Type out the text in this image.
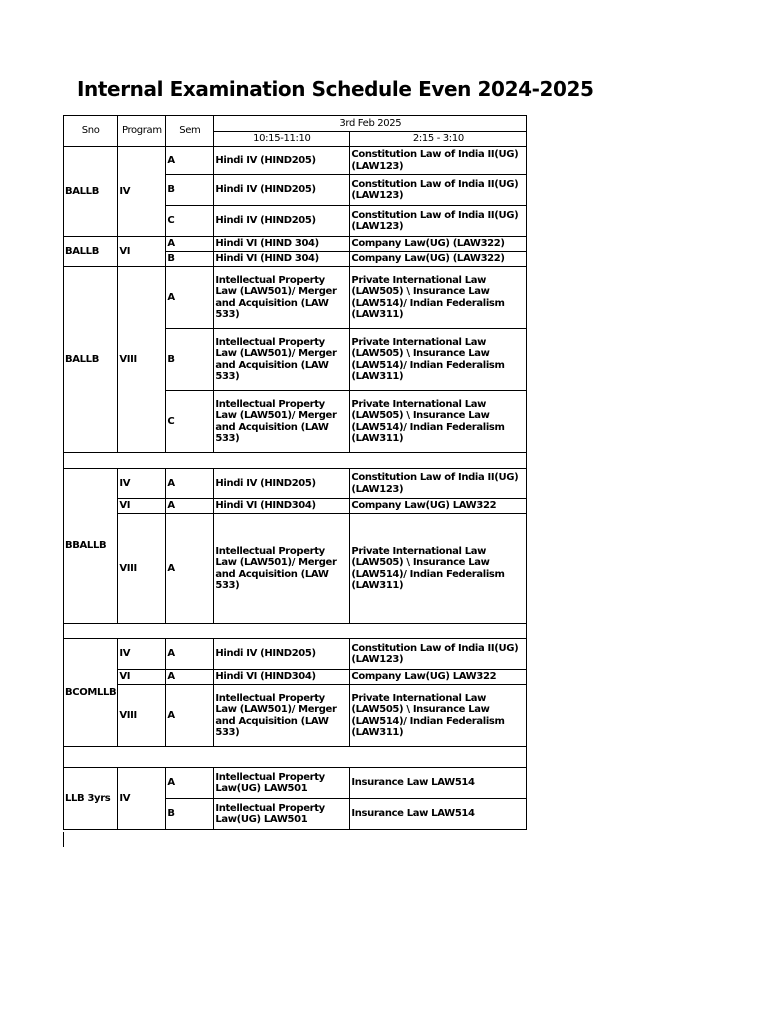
Internal Examination Schedule Even 2024-2025
Sno	Program	Sem	3rd Feb 2025	
			10:15-11:10	2:15 - 3:10
BALLB	IV	A	Hindi IV (HIND205)	Constitution Law of India II(UG) (LAW123)
		B	Hindi IV (HIND205)	Constitution Law of India II(UG) (LAW123)
		C	Hindi IV (HIND205)	Constitution Law of India II(UG) (LAW123)
BALLB	VI	A	Hindi VI (HIND 304)	Company Law(UG) (LAW322)
		B	Hindi VI (HIND 304)	Company Law(UG) (LAW322)
BALLB	VIII	A	Intellectual Property Law (LAW501)/ Merger and Acquisition (LAW 533)	Private International Law (LAW505) \ Insurance Law (LAW514)/ Indian Federalism (LAW311)
		B	Intellectual Property Law (LAW501)/ Merger and Acquisition (LAW 533)	Private International Law (LAW505) \ Insurance Law (LAW514)/ Indian Federalism (LAW311)
		C	Intellectual Property Law (LAW501)/ Merger and Acquisition (LAW 533)	Private International Law (LAW505) \ Insurance Law (LAW514)/ Indian Federalism (LAW311)

BBALLB	IV	A	Hindi IV (HIND205)	Constitution Law of India II(UG) (LAW123)
	VI	A	Hindi VI (HIND304)	Company Law(UG) LAW322
	VIII	A	Intellectual Property Law (LAW501)/ Merger and Acquisition (LAW 533)	Private International Law (LAW505) \ Insurance Law (LAW514)/ Indian Federalism (LAW311)

BCOMLLB	IV	A	Hindi IV (HIND205)	Constitution Law of India II(UG) (LAW123)
	VI	A	Hindi VI (HIND304)	Company Law(UG) LAW322
	VIII	A	Intellectual Property Law (LAW501)/ Merger and Acquisition (LAW 533)	Private International Law (LAW505) \ Insurance Law (LAW514)/ Indian Federalism (LAW311)

LLB 3yrs	IV	A	Intellectual Property Law(UG) LAW501	Insurance Law LAW514
		B	Intellectual Property Law(UG) LAW501	Insurance Law LAW514
